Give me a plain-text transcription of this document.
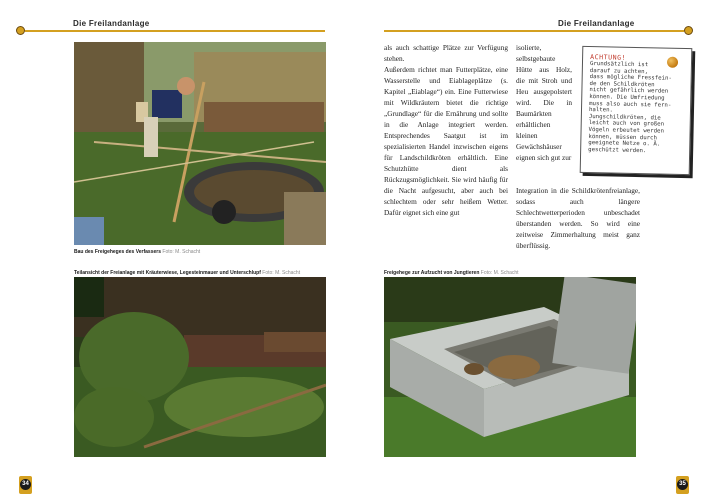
Die Freilandanlage	Die Freilandanlage
Bau des Freigeheges des Verfassers Foto: M. Schacht
Teilansicht der Freianlage mit Kräuterwiese, Legesteinmauer und Unterschlupf Foto: M. Schacht

als auch schattige Plätze zur Verfügung stehen.

Außerdem richtet man Futterplätze, eine Wasserstelle und Eiablageplätze (s. Kapitel „Eiablage“) ein. Eine Futterwiese mit Wildkräutern bietet die richtige „Grundlage“ für die Ernährung und sollte in die Anlage integriert werden. Entsprechendes Saatgut ist im spezialisierten Handel inzwischen eigens für Landschildkröten erhältlich. Eine Schutzhütte dient als Rückzugsmöglichkeit. Sie wird häufig für die Nacht aufgesucht, aber auch bei schlechtem oder sehr heißem Wetter. Dafür eignet sich eine gut

isolierte, selbstgebaute Hütte aus Holz, die mit Stroh und Heu ausgepolstert wird. Die in Baumärkten erhältlichen kleinen Gewächshäuser eignen sich gut zur

Integration in die Schildkrötenfreianlage, sodass auch längere Schlechtwetterperioden unbeschadet überstanden werden. So wird eine zeitweise Zimmerhaltung meist ganz überflüssig.

ACHTUNG!
Grundsätzlich ist
darauf zu achten,
dass mögliche Fressfein-
de den Schildkröten
nicht gefährlich werden
können. Die Umfriedung
muss also auch sie fern-
halten.
Jungschildkröten, die
leicht auch von großen
Vögeln erbeutet werden
können, müssen durch
geeignete Netze o. Ä.
geschützt werden.
Freigehege zur Aufzucht von Jungtieren Foto: M. Schacht
34	35
